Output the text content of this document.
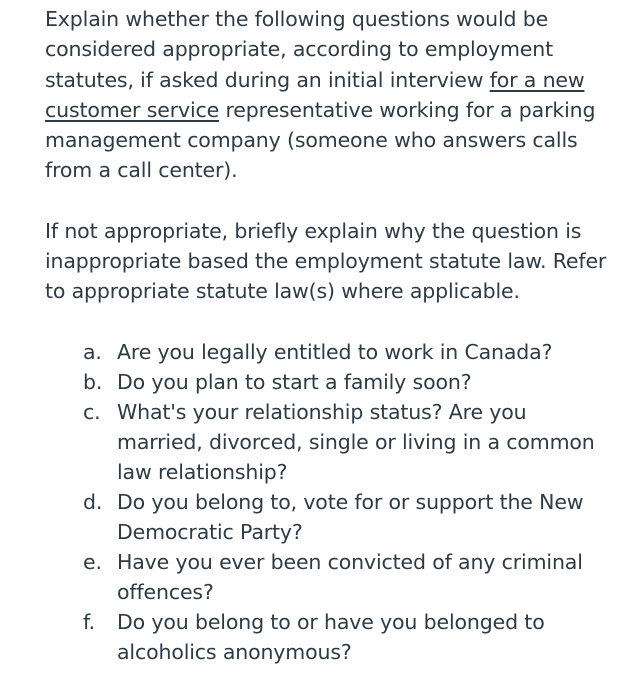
Explain whether the following questions would be considered appropriate, according to employment statutes, if asked during an initial interview for a new customer service representative working for a parking management company (someone who answers calls from a call center).

If not appropriate, briefly explain why the question is inappropriate based the employment statute law. Refer to appropriate statute law(s) where applicable.

a. Are you legally entitled to work in Canada?
b. Do you plan to start a family soon?
c. What's your relationship status? Are you married, divorced, single or living in a common law relationship?
d. Do you belong to, vote for or support the New Democratic Party?
e. Have you ever been convicted of any criminal offences?
f.	Do you belong to or have you belonged to alcoholics anonymous?
